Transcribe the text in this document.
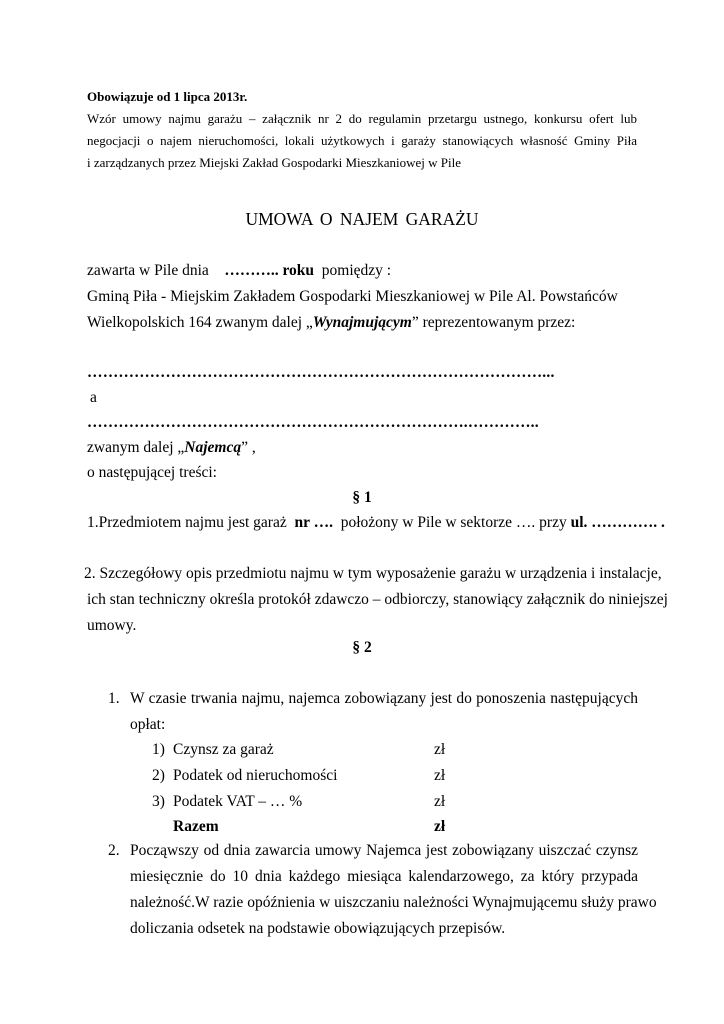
Obowiązuje od 1 lipca 2013r.
Wzór umowy najmu garażu – załącznik nr 2 do regulamin przetargu ustnego, konkursu ofert lub
negocjacji o najem nieruchomości, lokali użytkowych i garaży stanowiących własność Gminy Piła
i zarządzanych przez Miejski Zakład Gospodarki Mieszkaniowej w Pile
UMOWA O NAJEM GARAŻU
zawarta w Pile dnia ……….. roku pomiędzy :
Gminą Piła - Miejskim Zakładem Gospodarki Mieszkaniowej w Pile Al. Powstańców
Wielkopolskich 164 zwanym dalej „Wynajmującym” reprezentowanym przez:
……………………………………………………………………………...
a
……………………………………………………………….…………..
zwanym dalej „Najemcą” ,
o następującej treści:
§ 1
1.Przedmiotem najmu jest garaż nr …. położony w Pile w sektorze …. przy ul. …………. .
2. Szczegółowy opis przedmiotu najmu w tym wyposażenie garażu w urządzenia i instalacje,
ich stan techniczny określa protokół zdawczo – odbiorczy, stanowiący załącznik do niniejszej
umowy.
§ 2
1. W czasie trwania najmu, najemca zobowiązany jest do ponoszenia następujących
opłat:
1) Czynsz za garaż	zł
2) Podatek od nieruchomości	zł
3) Podatek VAT – … %	zł
Razem	zł
2. Począwszy od dnia zawarcia umowy Najemca jest zobowiązany uiszczać czynsz
miesięcznie do 10 dnia każdego miesiąca kalendarzowego, za który przypada
należność.W razie opóźnienia w uiszczaniu należności Wynajmującemu służy prawo
doliczania odsetek na podstawie obowiązujących przepisów.
